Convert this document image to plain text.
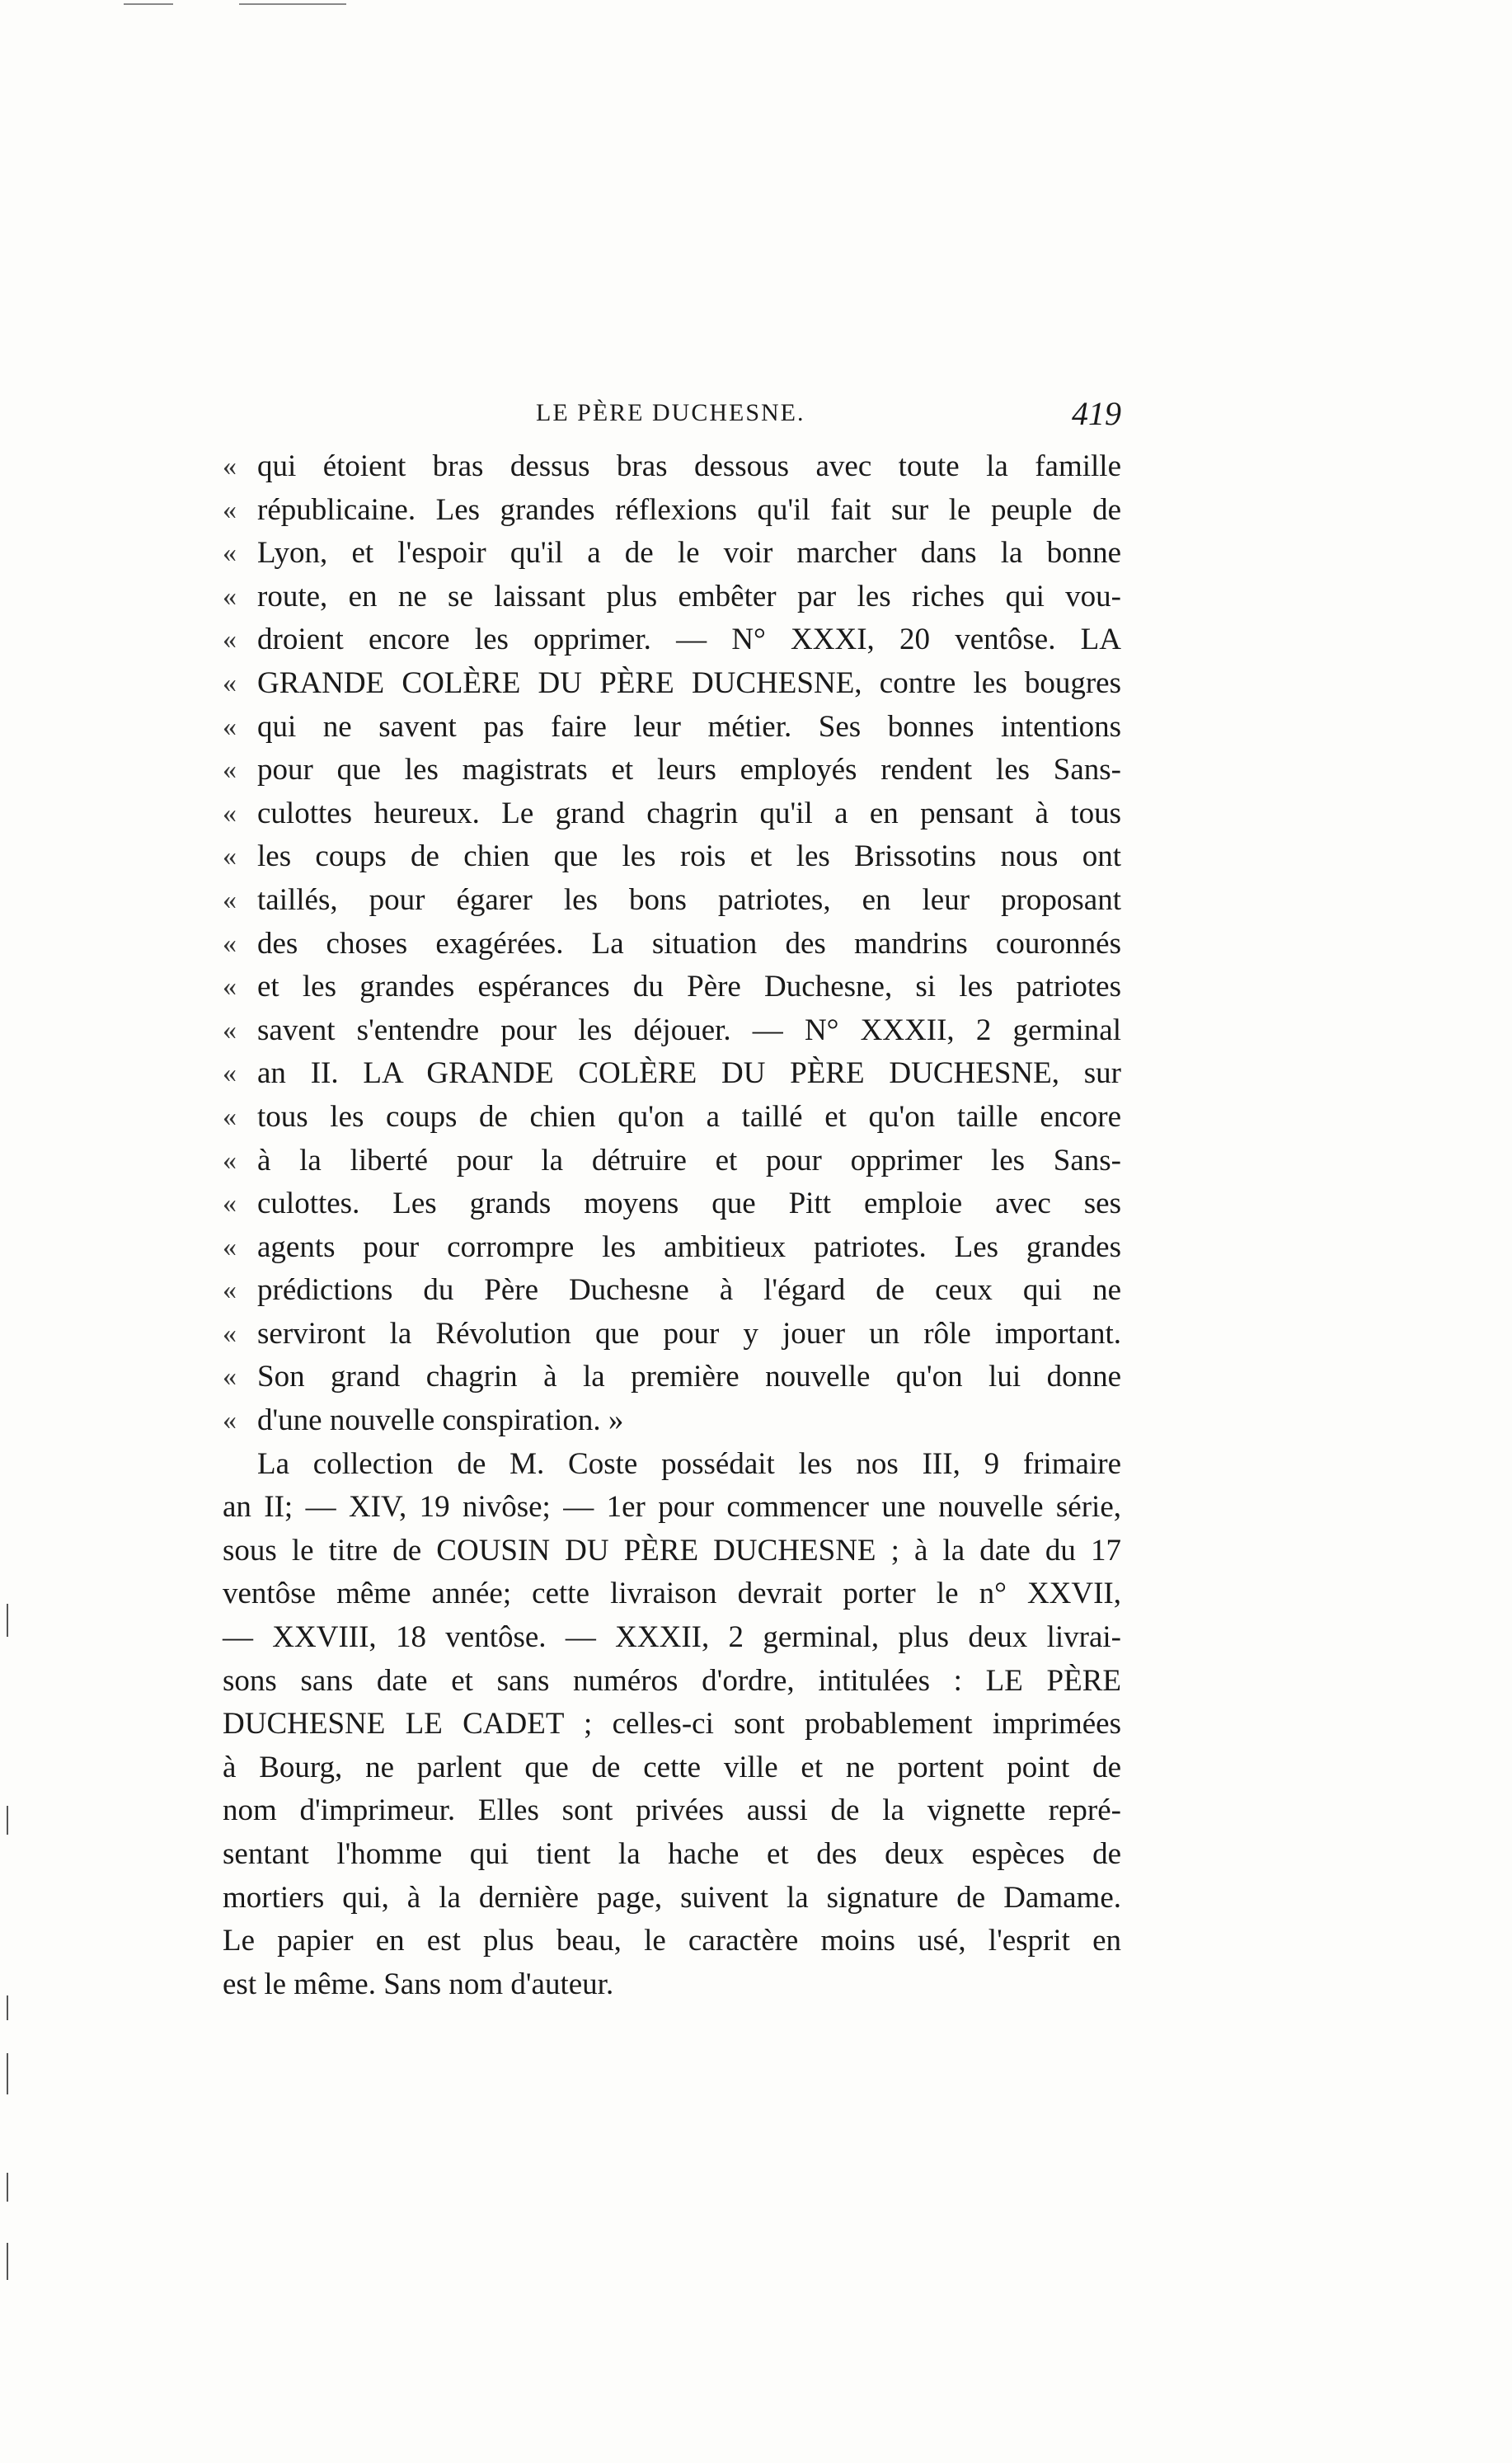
LE PÈRE DUCHESNE.	419
« qui étoient bras dessus bras dessous avec toute la famille
« républicaine. Les grandes réflexions qu'il fait sur le peuple de
« Lyon, et l'espoir qu'il a de le voir marcher dans la bonne
« route, en ne se laissant plus embêter par les riches qui vou-
« droient encore les opprimer. — N° XXXI, 20 ventôse. LA
« GRANDE COLÈRE DU PÈRE DUCHESNE, contre les bougres
« qui ne savent pas faire leur métier. Ses bonnes intentions
« pour que les magistrats et leurs employés rendent les Sans-
« culottes heureux. Le grand chagrin qu'il a en pensant à tous
« les coups de chien que les rois et les Brissotins nous ont
« taillés, pour égarer les bons patriotes, en leur proposant
« des choses exagérées. La situation des mandrins couronnés
« et les grandes espérances du Père Duchesne, si les patriotes
« savent s'entendre pour les déjouer. — N° XXXII, 2 germinal
« an II. LA GRANDE COLÈRE DU PÈRE DUCHESNE, sur
« tous les coups de chien qu'on a taillé et qu'on taille encore
« à la liberté pour la détruire et pour opprimer les Sans-
« culottes. Les grands moyens que Pitt emploie avec ses
« agents pour corrompre les ambitieux patriotes. Les grandes
« prédictions du Père Duchesne à l'égard de ceux qui ne
« serviront la Révolution que pour y jouer un rôle important.
« Son grand chagrin à la première nouvelle qu'on lui donne
« d'une nouvelle conspiration. »
La collection de M. Coste possédait les nos III, 9 frimaire
an II; — XIV, 19 nivôse; — 1er pour commencer une nouvelle série,
sous le titre de COUSIN DU PÈRE DUCHESNE ; à la date du 17
ventôse même année; cette livraison devrait porter le n° XXVII,
— XXVIII, 18 ventôse. — XXXII, 2 germinal, plus deux livrai-
sons sans date et sans numéros d'ordre, intitulées : LE PÈRE
DUCHESNE LE CADET ; celles-ci sont probablement imprimées
à Bourg, ne parlent que de cette ville et ne portent point de
nom d'imprimeur. Elles sont privées aussi de la vignette repré-
sentant l'homme qui tient la hache et des deux espèces de
mortiers qui, à la dernière page, suivent la signature de Damame.
Le papier en est plus beau, le caractère moins usé, l'esprit en
est le même. Sans nom d'auteur.
